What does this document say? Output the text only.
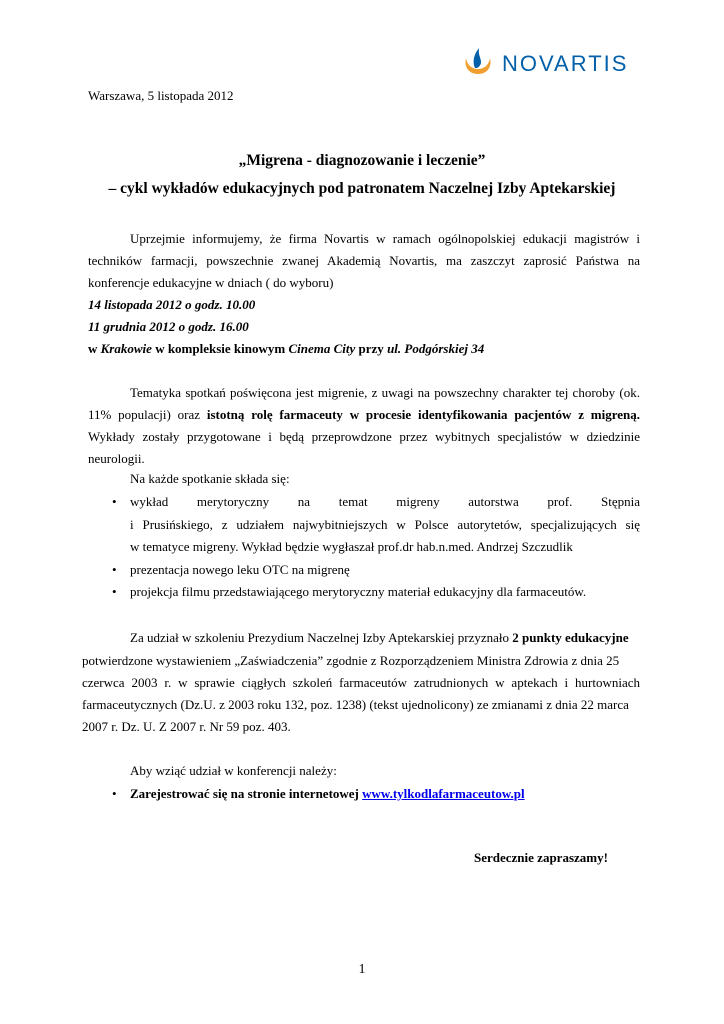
NOVARTIS
Warszawa, 5 listopada 2012
„Migrena - diagnozowanie i leczenie”
– cykl wykładów edukacyjnych pod patronatem Naczelnej Izby Aptekarskiej
Uprzejmie informujemy, że firma Novartis w ramach ogólnopolskiej edukacji magistrów i techników farmacji, powszechnie zwanej Akademią Novartis, ma zaszczyt zaprosić Państwa na konferencje edukacyjne w dniach ( do wyboru)
14 listopada 2012 o godz. 10.00
11 grudnia 2012 o godz. 16.00
w Krakowie w kompleksie kinowym Cinema City przy ul. Podgórskiej 34
Tematyka spotkań poświęcona jest migrenie, z uwagi na powszechny charakter tej choroby (ok. 11% populacji) oraz istotną rolę farmaceuty w procesie identyfikowania pacjentów z migreną. Wykłady zostały przygotowane i będą przeprowdzone przez wybitnych specjalistów w dziedzinie neurologii.
Na każde spotkanie składa się:
• wykład merytoryczny na temat migreny autorstwa prof. Stępnia
i Prusińskiego, z udziałem najwybitniejszych w Polsce autorytetów, specjalizujących się
w tematyce migreny. Wykład będzie wygłaszał prof.dr hab.n.med. Andrzej Szczudlik
• prezentacja nowego leku OTC na migrenę
• projekcja filmu przedstawiającego merytoryczny materiał edukacyjny dla farmaceutów.
Za udział w szkoleniu Prezydium Naczelnej Izby Aptekarskiej przyznało 2 punkty edukacyjne
potwierdzone wystawieniem „Zaświadczenia” zgodnie z Rozporządzeniem Ministra Zdrowia z dnia 25
czerwca 2003 r. w sprawie ciągłych szkoleń farmaceutów zatrudnionych w aptekach i hurtowniach
farmaceutycznych (Dz.U. z 2003 roku 132, poz. 1238) (tekst ujednolicony) ze zmianami z dnia 22 marca
2007 r. Dz. U. Z 2007 r. Nr 59 poz. 403.
Aby wziąć udział w konferencji należy:
• Zarejestrować się na stronie internetowej www.tylkodlafarmaceutow.pl
Serdecznie zapraszamy!
1
